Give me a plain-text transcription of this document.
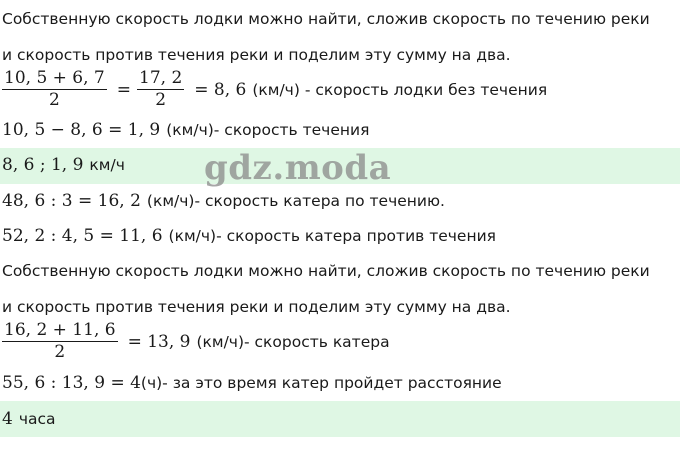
Собственную скорость лодки можно найти, сложив скорость по течению реки
и скорость против течения реки и поделим эту сумму на два.
$\frac{10, 5 + 6, 7}{2} = \frac{17, 2}{2} = 8$, 6 (км/ч) - скорость лодки без течения
10, 5 − 8, 6 = 1, 9 (км/ч)- скорость течения
8, 6 ; 1, 9 км/ч gdz.moda
48, 6 : 3 = 16, 2 (км/ч)- скорость катера по течению.
52, 2 : 4, 5 = 11, 6 (км/ч)- скорость катера против течения
Собственную скорость лодки можно найти, сложив скорость по течению реки
и скорость против течения реки и поделим эту сумму на два.
$\frac{16, 2 + 11, 6}{2} = 13$, 9 (км/ч)- скорость катера
55, 6 : 13, 9 = 4 (ч)- за это время катер пройдет расстояние
4 часа
